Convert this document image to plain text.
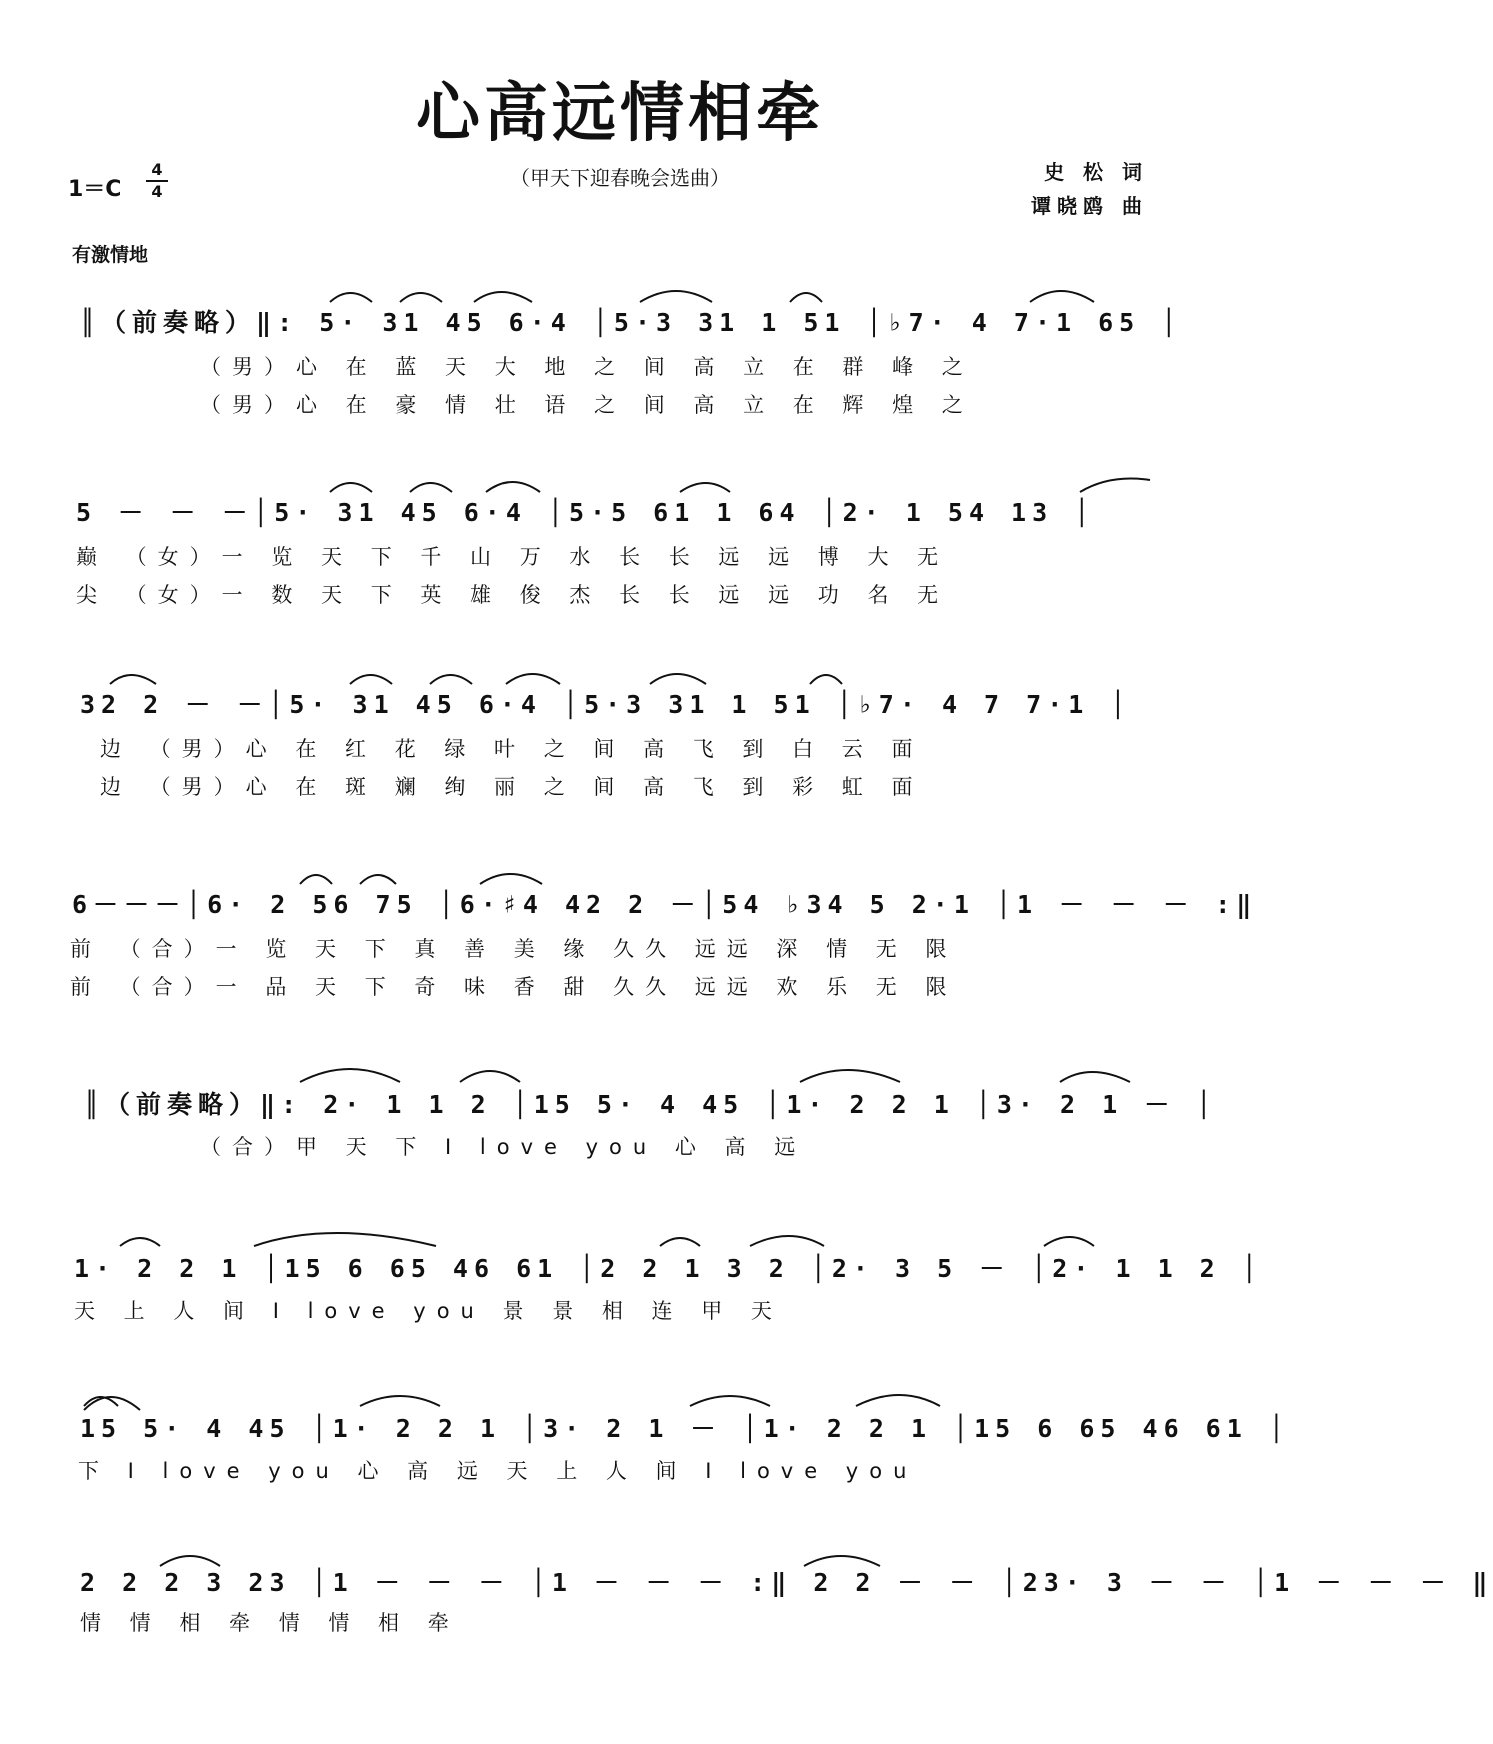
心高远情相牵
（甲天下迎春晚会选曲）
1＝C
4
4
史 松 词
谭晓鸥 曲
有激情地
║（前奏略）‖: 5· 31 45 6·4 │5·3 31 1 51 │♭7· 4 7·1 65 │
（男）心 在 蓝 天 大 地 之 间 高 立 在 群 峰 之
（男）心 在 豪 情 壮 语 之 间 高 立 在 辉 煌 之
5 － － －│5· 31 45 6·4 │5·5 61 1 64 │2· 1 54 13 │
巅 （女）一 览 天 下 千 山 万 水 长 长 远 远 博 大 无
尖 （女）一 数 天 下 英 雄 俊 杰 长 长 远 远 功 名 无
32 2 － －│5· 31 45 6·4 │5·3 31 1 51 │♭7· 4 7 7·1 │
边 （男）心 在 红 花 绿 叶 之 间 高 飞 到 白 云 面
边 （男）心 在 斑 斓 绚 丽 之 间 高 飞 到 彩 虹 面
6－－－│6· 2 56 75 │6·♯4 42 2 －│54 ♭34 5 2·1 │1 － － － :‖
前 （合）一 览 天 下 真 善 美 缘 久久 远远 深 情 无 限
前 （合）一 品 天 下 奇 味 香 甜 久久 远远 欢 乐 无 限
║（前奏略）‖: 2· 1 1 2 │15 5· 4 45 │1· 2 2 1 │3· 2 1 － │
（合）甲 天 下 I love you 心 高 远
1· 2 2 1 │15 6 65 46 61 │2 2 1 3 2 │2· 3 5 － │2· 1 1 2 │
天 上 人 间 I love you 景 景 相 连 甲 天
15 5· 4 45 │1· 2 2 1 │3· 2 1 － │1· 2 2 1 │15 6 65 46 61 │
下 I love you 心 高 远 天 上 人 间 I love you
2 2 2 3 23 │1 － － － │1 － － － :‖ 2 2 － － │23· 3 － － │1 － － － ‖
情 情 相 牵 情 情 相 牵
